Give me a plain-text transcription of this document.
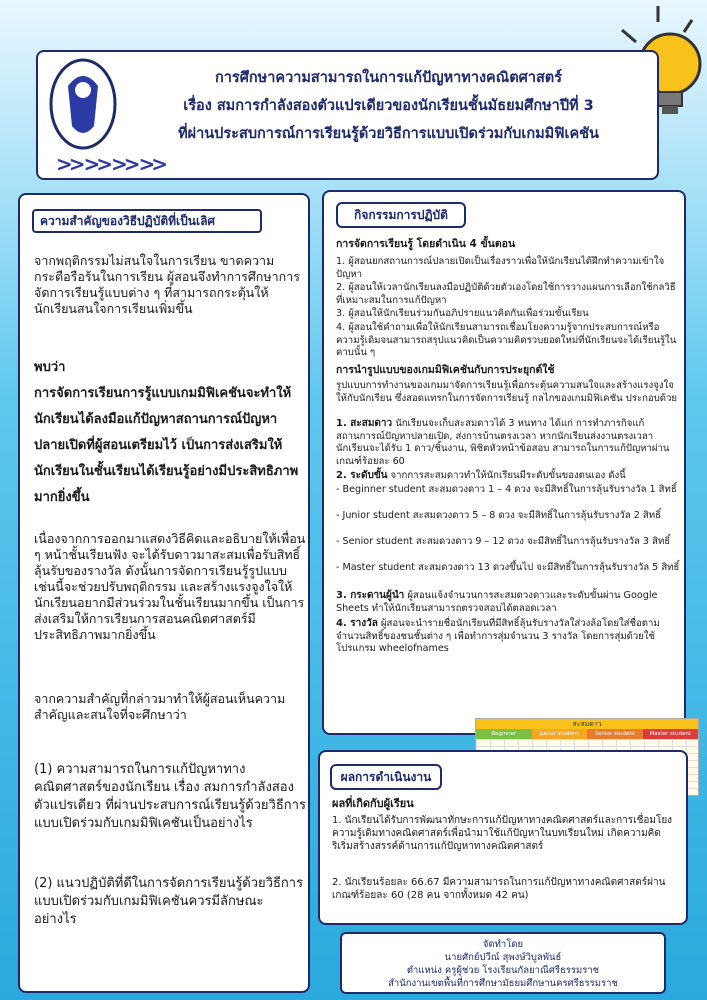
การศึกษาความสามารถในการแก้ปัญหาทางคณิตศาสตร์
เรื่อง สมการกำลังสองตัวแปรเดียวของนักเรียนชั้นมัธยมศึกษาปีที่ 3
ที่ผ่านประสบการณ์การเรียนรู้ด้วยวิธีการแบบเปิดร่วมกับเกมมิฟิเคชัน
>> >> >> >>
ความสำคัญของวิธีปฏิบัติที่เป็นเลิศ
จากพฤติกรรมไม่สนใจในการเรียน ขาดความกระตือรือร้นในการเรียน ผู้สอนจึงทำการศึกษาการจัดการเรียนรู้แบบต่าง ๆ ที่สามารถกระตุ้นให้นักเรียนสนใจการเรียนเพิ่มขึ้น
พบว่า
การจัดการเรียนการรู้แบบเกมมิฟิเคชันจะทำให้นักเรียนได้ลงมือแก้ปัญหาสถานการณ์ปัญหาปลายเปิดที่ผู้สอนเตรียมไว้ เป็นการส่งเสริมให้นักเรียนในชั้นเรียนได้เรียนรู้อย่างมีประสิทธิภาพมากยิ่งขึ้น
เนื่องจากการออกมาแสดงวิธีคิดและอธิบายให้เพื่อน ๆ หน้าชั้นเรียนฟัง จะได้รับดาวมาสะสมเพื่อรับสิทธิ์ลุ้นรับของรางวัล ดังนั้นการจัดการเรียนรู้รูปแบบเช่นนี้จะช่วยปรับพฤติกรรม และสร้างแรงจูงใจให้นักเรียนอยากมีส่วนร่วมในชั้นเรียนมากขึ้น เป็นการส่งเสริมให้การเรียนการสอนคณิตศาสตร์มีประสิทธิภาพมากยิ่งขึ้น
จากความสำคัญที่กล่าวมาทำให้ผู้สอนเห็นความสำคัญและสนใจที่จะศึกษาว่า
(1) ความสามารถในการแก้ปัญหาทางคณิตศาสตร์ของนักเรียน เรื่อง สมการกำลังสองตัวแปรเดียว ที่ผ่านประสบการณ์เรียนรู้ด้วยวิธีการแบบเปิดร่วมกับเกมมิฟิเคชันเป็นอย่างไร
(2) แนวปฏิบัติที่ดีในการจัดการเรียนรู้ด้วยวิธีการแบบเปิดร่วมกับเกมมิฟิเคชันควรมีลักษณะอย่างไร
กิจกรรมการปฏิบัติ
การจัดการเรียนรู้ โดยดำเนิน 4 ขั้นตอน
1. ผู้สอนยกสถานการณ์ปลายเปิดเป็นเรื่องราวเพื่อให้นักเรียนได้ฝึกทำความเข้าใจปัญหา
2. ผู้สอนให้เวลานักเรียนลงมือปฏิบัติด้วยตัวเองโดยใช้การวางแผนการเลือกใช้กลวิธีที่เหมาะสมในการแก้ปัญหา
3. ผู้สอนให้นักเรียนร่วมกันอภิปรายแนวคิดกันเพื่อร่วมขั้นเรียน
4. ผู้สอนใช้คำถามเพื่อให้นักเรียนสามารถเชื่อมโยงความรู้จากประสบการณ์หรือความรู้เดิมจนสามารถสรุปแนวคิดเป็นความคิดรวบยอดใหม่ที่นักเรียนจะได้เรียนรู้ในคาบนั้น ๆ
การนำรูปแบบของเกมมิฟิเคชันกับการประยุกต์ใช้
รูปแบบการทำงานของเกมมาจัดการเรียนรู้เพื่อกระตุ้นความสนใจและสร้างแรงจูงใจให้กับนักเรียน ซึ่งสอดแทรกในการจัดการเรียนรู้ กลไกของเกมมิฟิเคชัน ประกอบด้วย
1. สะสมดาว นักเรียนจะเก็บสะสมดาวได้ 3 หนทาง ได้แก่ การทำภารกิจแก้สถานการณ์ปัญหาปลายเปิด, ส่งการบ้านตรงเวลา หากนักเรียนส่งงานตรงเวลานักเรียนจะได้รับ 1 ดาว/ชิ้นงาน, พิชิตหัวหน้าข้อสอบ สามารถในการแก้ปัญหาผ่านเกณฑ์ร้อยละ 60
2. ระดับขั้น จากการสะสมดาวทำให้นักเรียนมีระดับขั้นของตนเอง ดังนี้
- Beginner student สะสมดวงดาว 1 – 4 ดวง จะมีสิทธิ์ในการลุ้นรับรางวัล 1 สิทธิ์
- Junior student สะสมดวงดาว 5 – 8 ดวง จะมีสิทธิ์ในการลุ้นรับรางวัล 2 สิทธิ์
- Senior student สะสมดวงดาว 9 – 12 ดวง จะมีสิทธิ์ในการลุ้นรับรางวัล 3 สิทธิ์
- Master student สะสมดวงดาว 13 ดวงขึ้นไป จะมีสิทธิ์ในการลุ้นรับรางวัล 5 สิทธิ์
3. กระดานผู้นำ ผู้สอนแจ้งจำนวนการสะสมดวงดาวและระดับขั้นผ่าน Google Sheets ทำให้นักเรียนสามารถตรวจสอบได้ตลอดเวลา
4. รางวัล ผู้สอนจะนำรายชื่อนักเรียนที่มีสิทธิ์ลุ้นรับรางวัลใส่วงล้อโดยใส่ชื่อตามจำนวนสิทธิ์ของชนชั้นต่าง ๆ เพื่อทำการสุ่มจำนวน 3 รางวัล โดยการสุ่มด้วยใช้โปรแกรม wheelofnames
สะสมดาว
Beginner	Junior student	Senior student	Master student
ผลการดำเนินงาน
ผลที่เกิดกับผู้เรียน
1. นักเรียนได้รับการพัฒนาทักษะการแก้ปัญหาทางคณิตศาสตร์และการเชื่อมโยงความรู้เดิมทางคณิตศาสตร์เพื่อนำมาใช้แก้ปัญหาในบทเรียนใหม่ เกิดความคิดริเริ่มสร้างสรรค์ด้านการแก้ปัญหาทางคณิตศาสตร์
2. นักเรียนร้อยละ 66.67 มีความสามารถในการแก้ปัญหาทางคณิตศาสตร์ผ่านเกณฑ์ร้อยละ 60 (28 คน จากทั้งหมด 42 คน)
จัดทำโดย
นายศักย์ปวีณ์ สุพงษ์วิบูลพันธ์
ตำแหน่ง ครูผู้ช่วย โรงเรียนกัลยาณีศรีธรรมราช
สำนักงานเขตพื้นที่การศึกษามัธยมศึกษานครศรีธรรมราช
